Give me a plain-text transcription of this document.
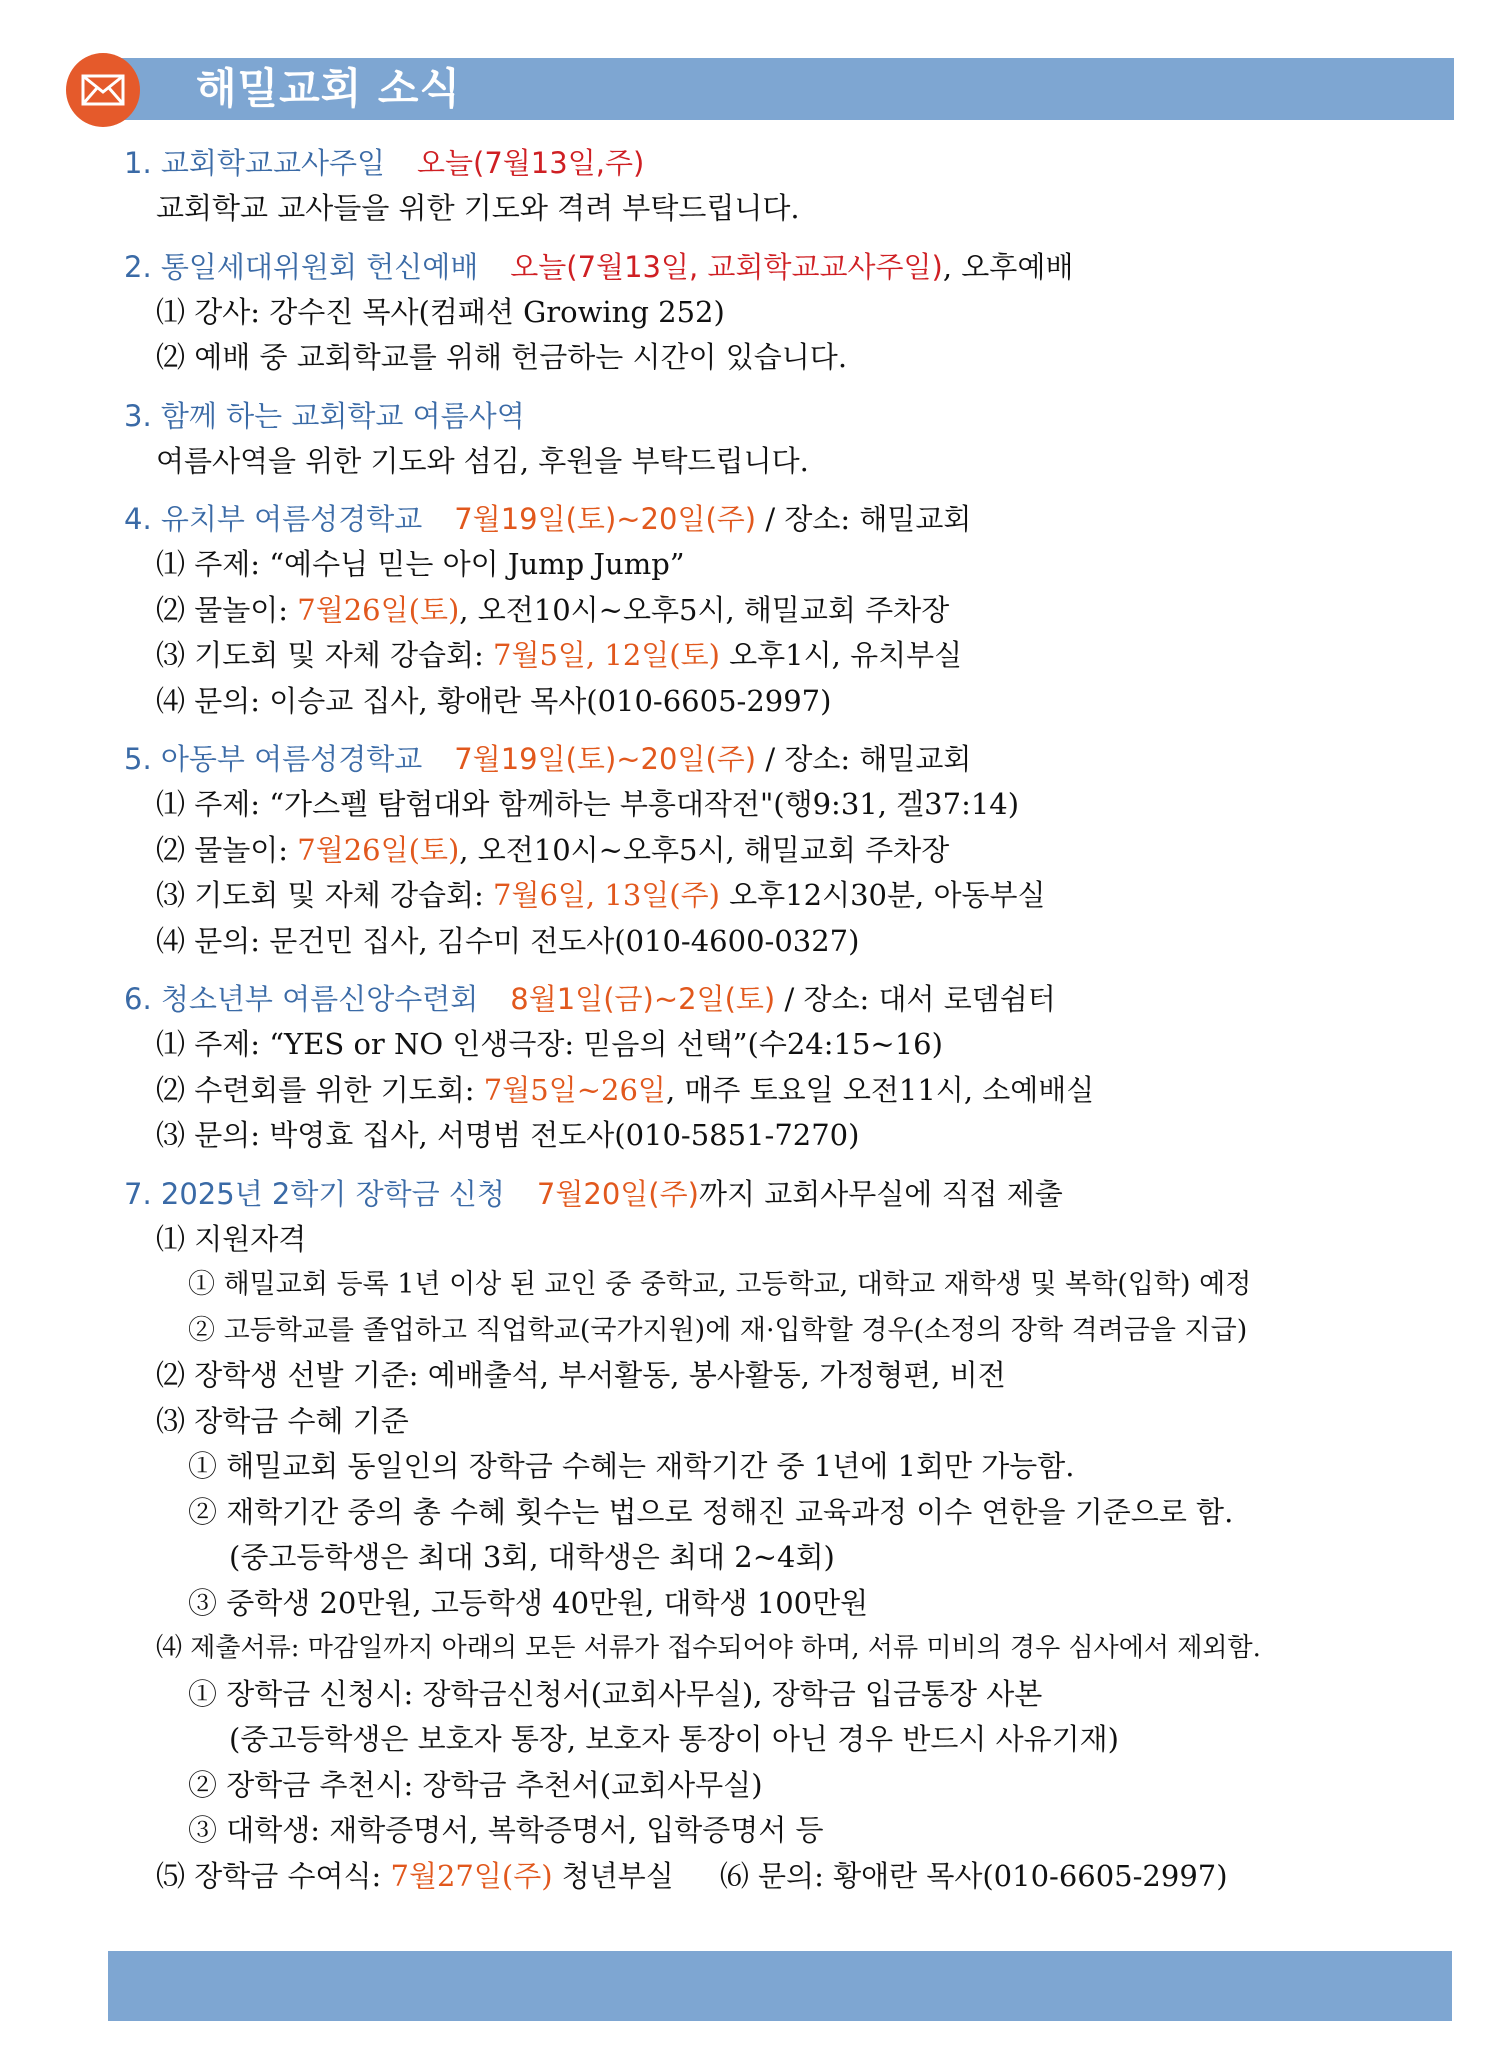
해밀교회 소식
1. 교회학교교사주일 오늘(7월13일,주)
교회학교 교사들을 위한 기도와 격려 부탁드립니다.
2. 통일세대위원회 헌신예배 오늘(7월13일, 교회학교교사주일), 오후예배
⑴ 강사: 강수진 목사(컴패션 Growing 252)
⑵ 예배 중 교회학교를 위해 헌금하는 시간이 있습니다.
3. 함께 하는 교회학교 여름사역
여름사역을 위한 기도와 섬김, 후원을 부탁드립니다.
4. 유치부 여름성경학교 7월19일(토)~20일(주) / 장소: 해밀교회
⑴ 주제: “예수님 믿는 아이 Jump Jump”
⑵ 물놀이: 7월26일(토), 오전10시~오후5시, 해밀교회 주차장
⑶ 기도회 및 자체 강습회: 7월5일, 12일(토) 오후1시, 유치부실
⑷ 문의: 이승교 집사, 황애란 목사(010-6605-2997)
5. 아동부 여름성경학교 7월19일(토)~20일(주) / 장소: 해밀교회
⑴ 주제: “가스펠 탐험대와 함께하는 부흥대작전"(행9:31, 겔37:14)
⑵ 물놀이: 7월26일(토), 오전10시~오후5시, 해밀교회 주차장
⑶ 기도회 및 자체 강습회: 7월6일, 13일(주) 오후12시30분, 아동부실
⑷ 문의: 문건민 집사, 김수미 전도사(010-4600-0327)
6. 청소년부 여름신앙수련회 8월1일(금)~2일(토) / 장소: 대서 로뎀쉼터
⑴ 주제: “YES or NO 인생극장: 믿음의 선택”(수24:15~16)
⑵ 수련회를 위한 기도회: 7월5일~26일, 매주 토요일 오전11시, 소예배실
⑶ 문의: 박영효 집사, 서명범 전도사(010-5851-7270)
7. 2025년 2학기 장학금 신청 7월20일(주)까지 교회사무실에 직접 제출
⑴ 지원자격
① 해밀교회 등록 1년 이상 된 교인 중 중학교, 고등학교, 대학교 재학생 및 복학(입학) 예정
② 고등학교를 졸업하고 직업학교(국가지원)에 재·입학할 경우(소정의 장학 격려금을 지급)
⑵ 장학생 선발 기준: 예배출석, 부서활동, 봉사활동, 가정형편, 비전
⑶ 장학금 수혜 기준
① 해밀교회 동일인의 장학금 수혜는 재학기간 중 1년에 1회만 가능함.
② 재학기간 중의 총 수혜 횟수는 법으로 정해진 교육과정 이수 연한을 기준으로 함.
(중고등학생은 최대 3회, 대학생은 최대 2~4회)
③ 중학생 20만원, 고등학생 40만원, 대학생 100만원
⑷ 제출서류: 마감일까지 아래의 모든 서류가 접수되어야 하며, 서류 미비의 경우 심사에서 제외함.
① 장학금 신청시: 장학금신청서(교회사무실), 장학금 입금통장 사본
(중고등학생은 보호자 통장, 보호자 통장이 아닌 경우 반드시 사유기재)
② 장학금 추천시: 장학금 추천서(교회사무실)
③ 대학생: 재학증명서, 복학증명서, 입학증명서 등
⑸ 장학금 수여식: 7월27일(주) 청년부실 ⑹ 문의: 황애란 목사(010-6605-2997)
